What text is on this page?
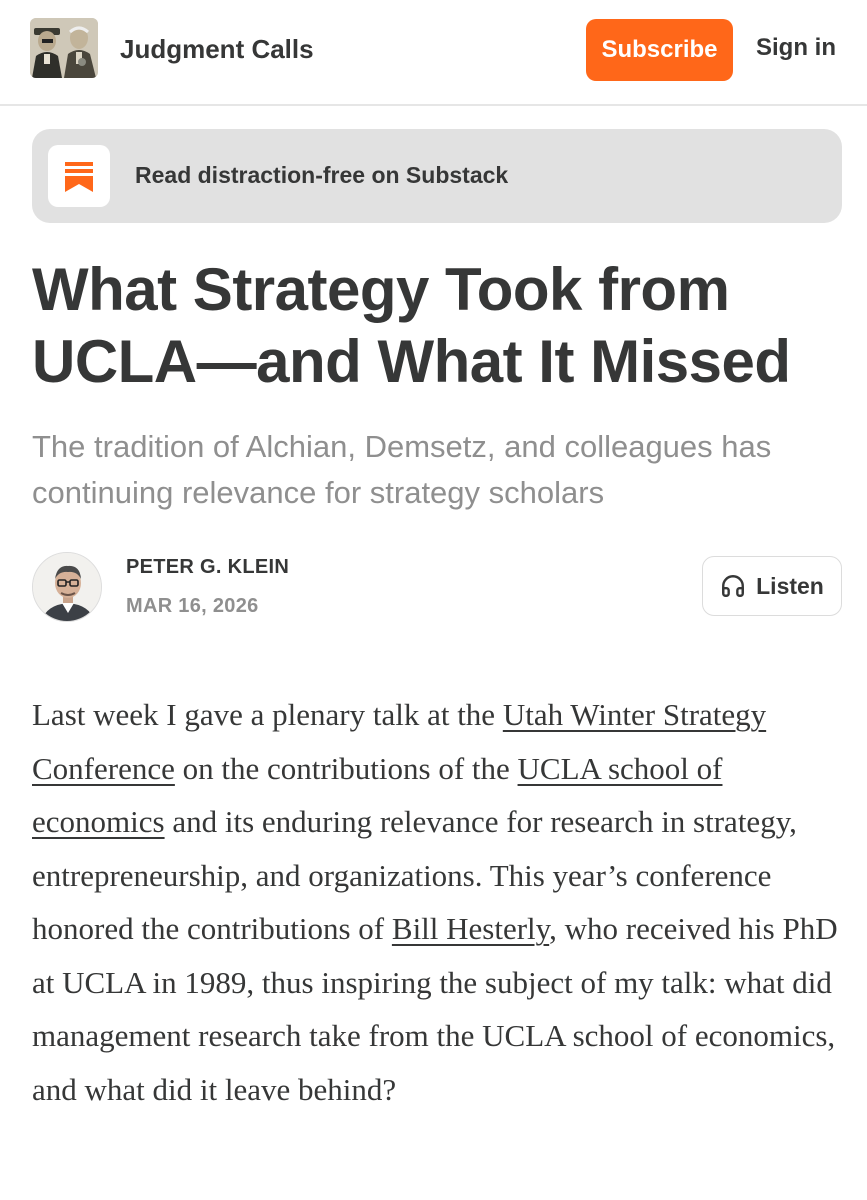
Judgment Calls	Subscribe	Sign in
Read distraction-free on Substack
What Strategy Took from UCLA—and What It Missed

The tradition of Alchian, Demsetz, and colleagues has continuing relevance for strategy scholars

PETER G. KLEIN
MAR 16, 2026
Listen

Last week I gave a plenary talk at the Utah Winter Strategy Conference on the contributions of the UCLA school of economics and its enduring relevance for research in strategy, entrepreneurship, and organizations. This year’s conference honored the contributions of Bill Hesterly, who received his PhD at UCLA in 1989, thus inspiring the subject of my talk: what did management research take from the UCLA school of economics, and what did it leave behind?
